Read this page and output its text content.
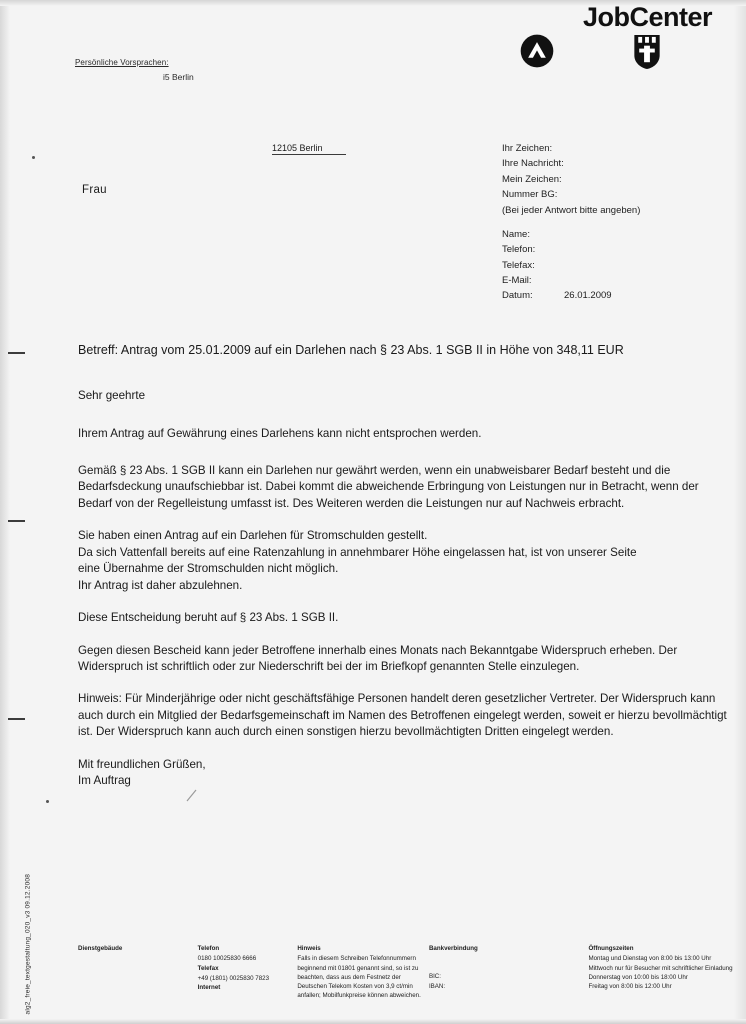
JobCenter
Persönliche Vorsprachen:
i5 Berlin
12105 Berlin
Frau
Ihr Zeichen:
Ihre Nachricht:
Mein Zeichen:
Nummer BG:
(Bei jeder Antwort bitte angeben)
Name:
Telefon:
Telefax:
E-Mail:
Datum:	26.01.2009
Betreff: Antrag vom 25.01.2009 auf ein Darlehen nach § 23 Abs. 1 SGB II in Höhe von 348,11 EUR
Sehr geehrte
Ihrem Antrag auf Gewährung eines Darlehens kann nicht entsprochen werden.
Gemäß § 23 Abs. 1 SGB II kann ein Darlehen nur gewährt werden, wenn ein unabweisbarer Bedarf besteht und die Bedarfsdeckung unaufschiebbar ist. Dabei kommt die abweichende Erbringung von Leistungen nur in Betracht, wenn der Bedarf von der Regelleistung umfasst ist. Des Weiteren werden die Leistungen nur auf Nachweis erbracht.
Sie haben einen Antrag auf ein Darlehen für Stromschulden gestellt.
Da sich Vattenfall bereits auf eine Ratenzahlung in annehmbarer Höhe eingelassen hat, ist von unserer Seite
eine Übernahme der Stromschulden nicht möglich.
Ihr Antrag ist daher abzulehnen.
Diese Entscheidung beruht auf § 23 Abs. 1 SGB II.
Gegen diesen Bescheid kann jeder Betroffene innerhalb eines Monats nach Bekanntgabe Widerspruch erheben. Der Widerspruch ist schriftlich oder zur Niederschrift bei der im Briefkopf genannten Stelle einzulegen.
Hinweis: Für Minderjährige oder nicht geschäftsfähige Personen handelt deren gesetzlicher Vertreter. Der Widerspruch kann auch durch ein Mitglied der Bedarfsgemeinschaft im Namen des Betroffenen eingelegt werden, soweit er hierzu bevollmächtigt ist. Der Widerspruch kann auch durch einen sonstigen hierzu bevollmächtigten Dritten eingelegt werden.
Mit freundlichen Grüßen,
Im Auftrag
alg2_freie_textgestaltung_020_v3 09.12.2008	Dienstgebäude	Telefon
0180 10025830 6666
Telefax
+49 (1801) 0025830 7823
Internet
Hinweis
Falls in diesem Schreiben Telefonnummern beginnend mit 01801 genannt sind, so ist zu beachten, dass aus dem Festnetz der Deutschen Telekom Kosten von 3,9 ct/min anfallen; Mobilfunkpreise können abweichen.
Bankverbindung
BIC:
IBAN:
Öffnungszeiten
Montag und Dienstag von 8:00 bis 13:00 Uhr
Mittwoch nur für Besucher mit schriftlicher Einladung
Donnerstag von 10:00 bis 18:00 Uhr
Freitag von 8:00 bis 12:00 Uhr
